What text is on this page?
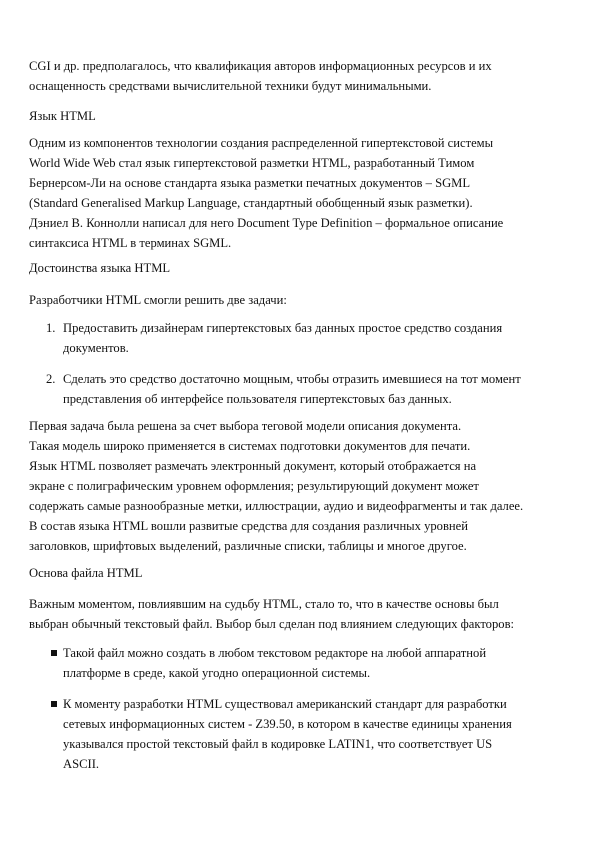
CGI и др. предполагалось, что квалификация авторов информационных ресурсов и их
оснащенность средствами вычислительной техники будут минимальными.

Язык HTML

Одним из компонентов технологии создания распределенной гипертекстовой системы
World Wide Web стал язык гипертекстовой разметки HTML, разработанный Тимом
Бернерсом-Ли на основе стандарта языка разметки печатных документов – SGML
(Standard Generalised Markup Language, стандартный обобщенный язык разметки).
Дэниел В. Коннолли написал для него Document Type Definition – формальное описание
синтаксиса HTML в терминах SGML.

Достоинства языка HTML

Разработчики HTML смогли решить две задачи:

1. Предоставить дизайнерам гипертекстовых баз данных простое средство создания
документов.
2. Сделать это средство достаточно мощным, чтобы отразить имевшиеся на тот момент
представления об интерфейсе пользователя гипертекстовых баз данных.

Первая задача была решена за счет выбора теговой модели описания документа.
Такая модель широко применяется в системах подготовки документов для печати.
Язык HTML позволяет размечать электронный документ, который отображается на
экране с полиграфическим уровнем оформления; результирующий документ может
содержать самые разнообразные метки, иллюстрации, аудио и видеофрагменты и так далее.
В состав языка HTML вошли развитые средства для создания различных уровней
заголовков, шрифтовых выделений, различные списки, таблицы и многое другое.

Основа файла HTML

Важным моментом, повлиявшим на судьбу HTML, стало то, что в качестве основы был
выбран обычный текстовый файл. Выбор был сделан под влиянием следующих факторов:

Такой файл можно создать в любом текстовом редакторе на любой аппаратной
платформе в среде, какой угодно операционной системы.
К моменту разработки HTML существовал американский стандарт для разработки
сетевых информационных систем - Z39.50, в котором в качестве единицы хранения
указывался простой текстовый файл в кодировке LATIN1, что соответствует US
ASCII.
